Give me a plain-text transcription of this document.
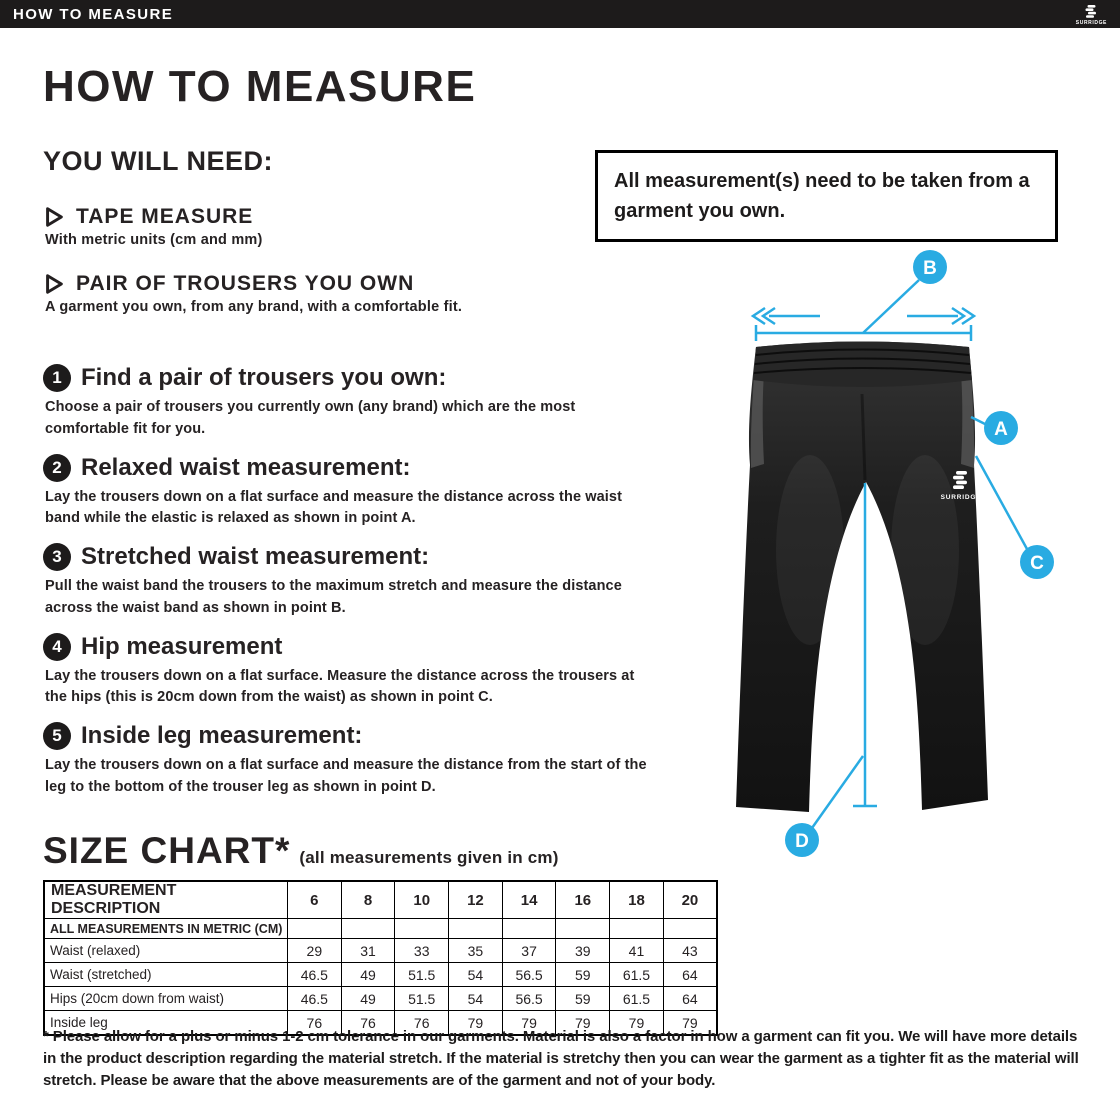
HOW TO MEASURE	SURRIDGE
HOW TO MEASURE
YOU WILL NEED:
TAPE MEASURE
With metric units (cm and mm)
PAIR OF TROUSERS YOU OWN
A garment you own, from any brand, with a comfortable fit.
All measurement(s) need to be taken from a garment you own.
1 Find a pair of trousers you own:
Choose a pair of trousers you currently own (any brand) which are the most comfortable fit for you.
2 Relaxed waist measurement:
Lay the trousers down on a flat surface and measure the distance across the waist band while the elastic is relaxed as shown in point A.
3 Stretched waist measurement:
Pull the waist band the trousers to the maximum stretch and measure the distance across the waist band as shown in point B.
4 Hip measurement
Lay the trousers down on a flat surface. Measure the distance across the trousers at the hips (this is 20cm down from the waist) as shown in point C.
5 Inside leg measurement:
Lay the trousers down on a flat surface and measure the distance from the start of the leg to the bottom of the trouser leg as shown in point D.
SURRIDGE
B
A
C
D
SIZE CHART* (all measurements given in cm)
MEASUREMENT DESCRIPTION	6	8	10	12	14	16	18	20
ALL MEASUREMENTS IN METRIC (CM)								
Waist (relaxed)	29	31	33	35	37	39	41	43
Waist (stretched)	46.5	49	51.5	54	56.5	59	61.5	64
Hips (20cm down from waist)	46.5	49	51.5	54	56.5	59	61.5	64
Inside leg	76	76	76	79	79	79	79	79
* Please allow for a plus or minus 1-2 cm tolerance in our garments. Material is also a factor in how a garment can fit you. We will have more details in the product description regarding the material stretch. If the material is stretchy then you can wear the garment as a tighter fit as the material will stretch. Please be aware that the above measurements are of the garment and not of your body.
